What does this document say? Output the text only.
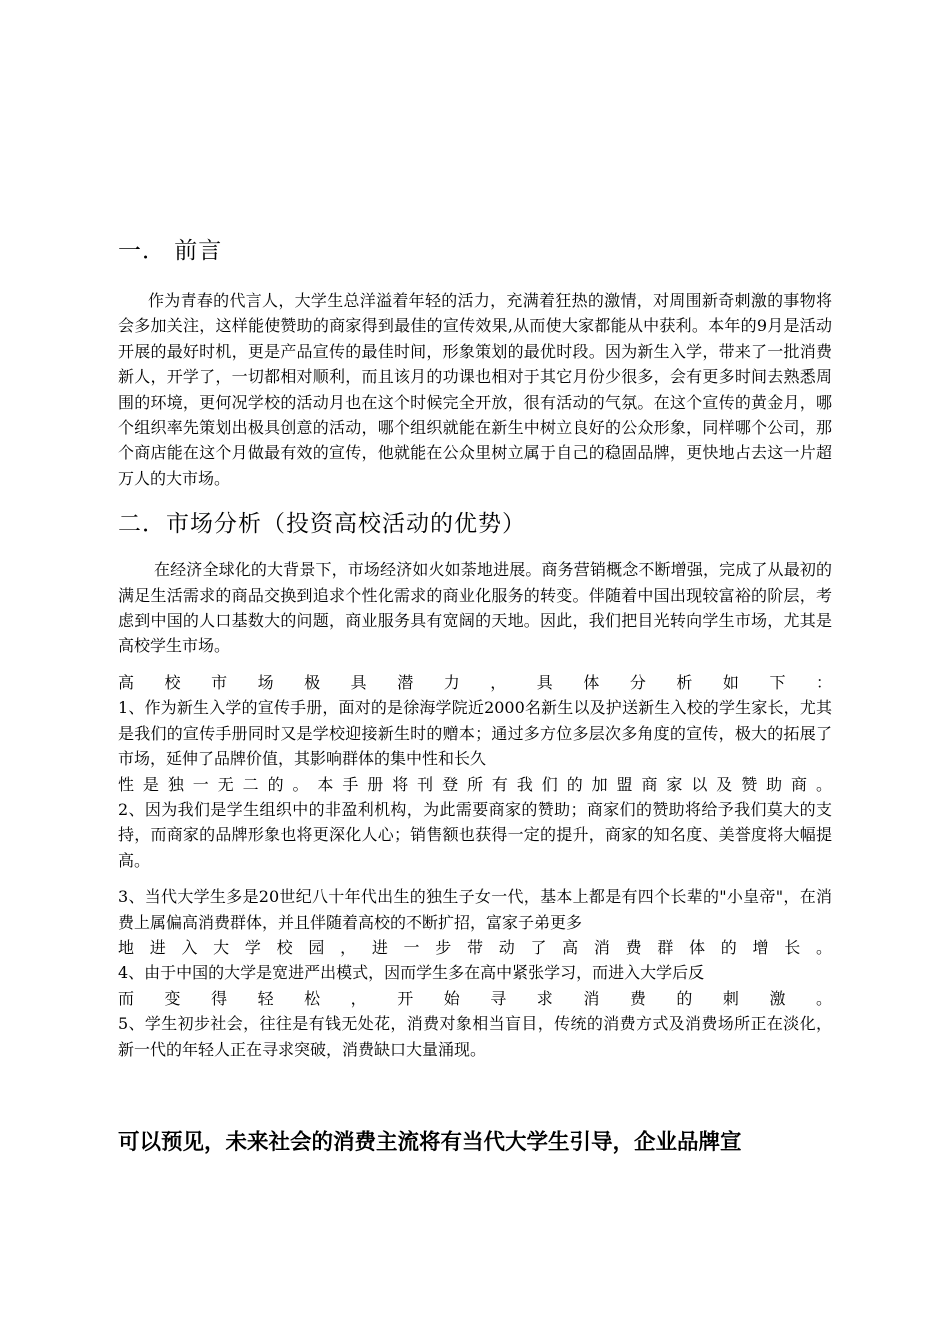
一． 前言

作为青春的代言人，大学生总洋溢着年轻的活力，充满着狂热的激情，对周围新奇刺激的事物将会多加关注，这样能使赞助的商家得到最佳的宣传效果,从而使大家都能从中获利。本年的9月是活动开展的最好时机，更是产品宣传的最佳时间，形象策划的最优时段。因为新生入学，带来了一批消费新人，开学了，一切都相对顺利，而且该月的功课也相对于其它月份少很多，会有更多时间去熟悉周围的环境，更何况学校的活动月也在这个时候完全开放，很有活动的气氛。在这个宣传的黄金月，哪个组织率先策划出极具创意的活动，哪个组织就能在新生中树立良好的公众形象，同样哪个公司，那个商店能在这个月做最有效的宣传，他就能在公众里树立属于自己的稳固品牌，更快地占去这一片超万人的大市场。

二．市场分析（投资高校活动的优势）

在经济全球化的大背景下，市场经济如火如荼地进展。商务营销概念不断增强，完成了从最初的满足生活需求的商品交换到追求个性化需求的商业化服务的转变。伴随着中国出现较富裕的阶层，考虑到中国的人口基数大的问题，商业服务具有宽阔的天地。因此，我们把目光转向学生市场，尤其是高校学生市场。

高校市场极具潜力，具体分析如下：

1、作为新生入学的宣传手册，面对的是徐海学院近2000名新生以及护送新生入校的学生家长，尤其是我们的宣传手册同时又是学校迎接新生时的赠本；通过多方位多层次多角度的宣传，极大的拓展了市场，延伸了品牌价值，其影响群体的集中性和长久

性是独一无二的。本手册将刊登所有我们的加盟商家以及赞助商。

2、因为我们是学生组织中的非盈利机构，为此需要商家的赞助；商家们的赞助将给予我们莫大的支持，而商家的品牌形象也将更深化人心；销售额也获得一定的提升，商家的知名度、美誉度将大幅提高。

3、当代大学生多是20世纪八十年代出生的独生子女一代，基本上都是有四个长辈的"小皇帝"，在消费上属偏高消费群体，并且伴随着高校的不断扩招，富家子弟更多

地进入大学校园，进一步带动了高消费群体的增长。

4、由于中国的大学是宽进严出模式，因而学生多在高中紧张学习，而进入大学后反

而变得轻松，开始寻求消费的刺激。

5、学生初步社会，往往是有钱无处花，消费对象相当盲目，传统的消费方式及消费场所正在淡化，新一代的年轻人正在寻求突破，消费缺口大量涌现。

可以预见，未来社会的消费主流将有当代大学生引导，企业品牌宣
